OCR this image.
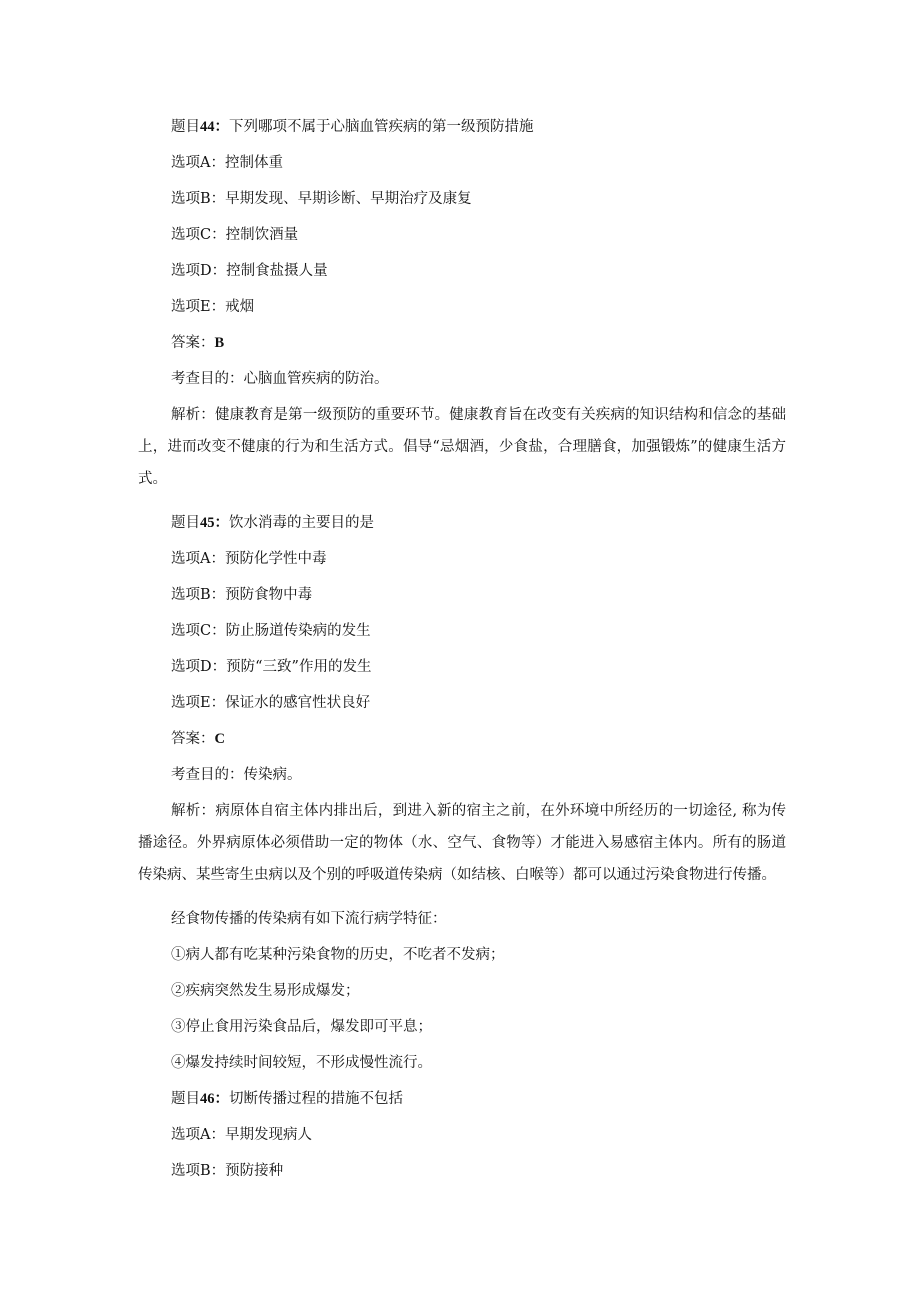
题目44：下列哪项不属于心脑血管疾病的第一级预防措施
选项A：控制体重
选项B：早期发现、早期诊断、早期治疗及康复
选项C：控制饮酒量
选项D：控制食盐摄人量
选项E：戒烟
答案：B
考查目的：心脑血管疾病的防治。
解析：健康教育是第一级预防的重要环节。健康教育旨在改变有关疾病的知识结构和信念的基础上，进而改变不健康的行为和生活方式。倡导“忌烟酒，少食盐，合理膳食，加强锻炼”的健康生活方式。
题目45：饮水消毒的主要目的是
选项A：预防化学性中毒
选项B：预防食物中毒
选项C：防止肠道传染病的发生
选项D：预防“三致”作用的发生
选项E：保证水的感官性状良好
答案：C
考查目的：传染病。
解析：病原体自宿主体内排出后，到进入新的宿主之前，在外环境中所经历的一切途径, 称为传播途径。外界病原体必须借助一定的物体（水、空气、食物等）才能进入易感宿主体内。所有的肠道传染病、某些寄生虫病以及个别的呼吸道传染病（如结核、白喉等）都可以通过污染食物进行传播。
经食物传播的传染病有如下流行病学特征：
①病人都有吃某种污染食物的历史，不吃者不发病；
②疾病突然发生易形成爆发；
③停止食用污染食品后，爆发即可平息；
④爆发持续时间较短，不形成慢性流行。
题目46：切断传播过程的措施不包括
选项A：早期发现病人
选项B：预防接种
